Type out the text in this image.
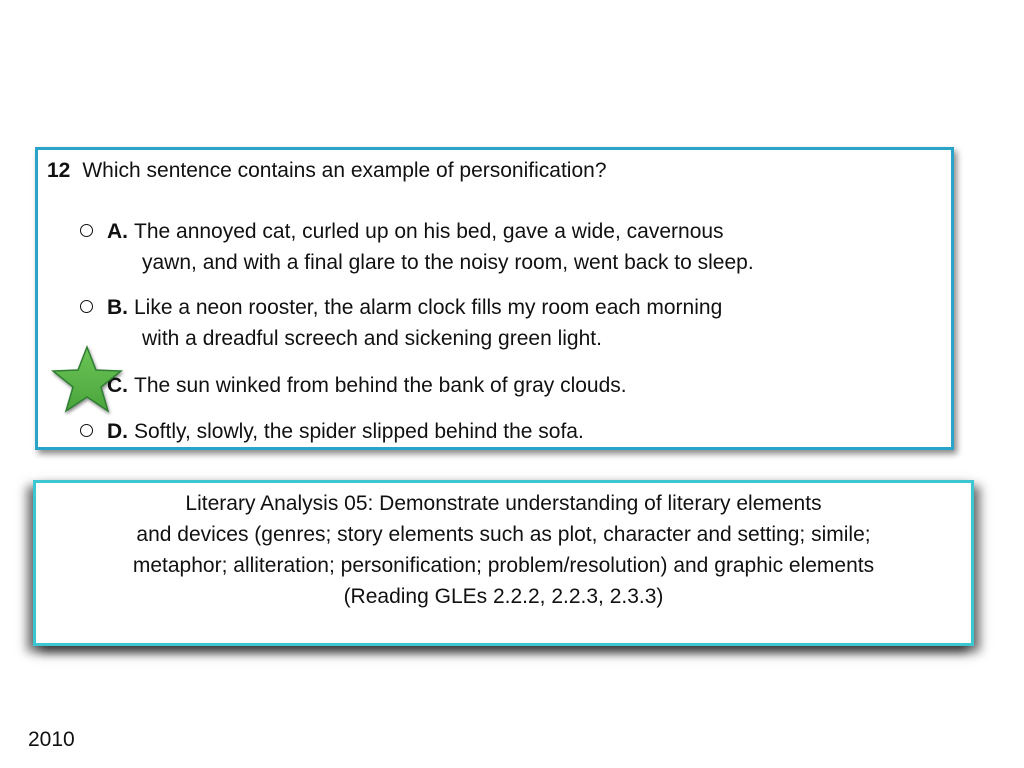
12 Which sentence contains an example of personification?
A. The annoyed cat, curled up on his bed, gave a wide, cavernous
yawn, and with a final glare to the noisy room, went back to sleep.
B. Like a neon rooster, the alarm clock fills my room each morning
with a dreadful screech and sickening green light.
C. The sun winked from behind the bank of gray clouds.
D. Softly, slowly, the spider slipped behind the sofa.
Literary Analysis 05: Demonstrate understanding of literary elements
and devices (genres; story elements such as plot, character and setting; simile;
metaphor; alliteration; personification; problem/resolution) and graphic elements
(Reading GLEs 2.2.2, 2.2.3, 2.3.3)
2010
